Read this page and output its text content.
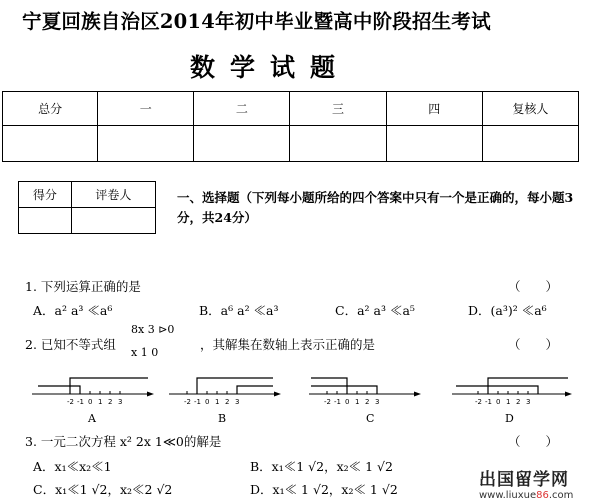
宁夏回族自治区2014年初中毕业暨高中阶段招生考试
数学试题
总分	一	二	三	四	复核人

得分	评卷人
		一、选择题（下列每小题所给的四个答案中只有一个是正确的，每小题3分，共24分）
1. 下列运算正确的是	（　　）
A．a² a³ ≪a⁶	B．a⁶ a² ≪a³	C．a² a³ ≪a⁵	D．(a³)² ≪a⁶
2. 已知不等式组
8x 3 ⊳0
x 1 0
，其解集在数轴上表示正确的是	（　　）
-2 -1 0 1 2 3
A
-2 -1 0 1 2 3
B
-2 -1 0 1 2 3
C
-2 -1 0 1 2 3
D
3. 一元二次方程 x² 2x 1≪0的解是	（　　）
A．x₁≪x₂≪1	B．x₁≪1 √2，x₂≪ 1 √2
C．x₁≪1 √2，x₂≪2 √2	D．x₁≪ 1 √2，x₂≪ 1 √2	出国留学网
www.liuxue86.com
